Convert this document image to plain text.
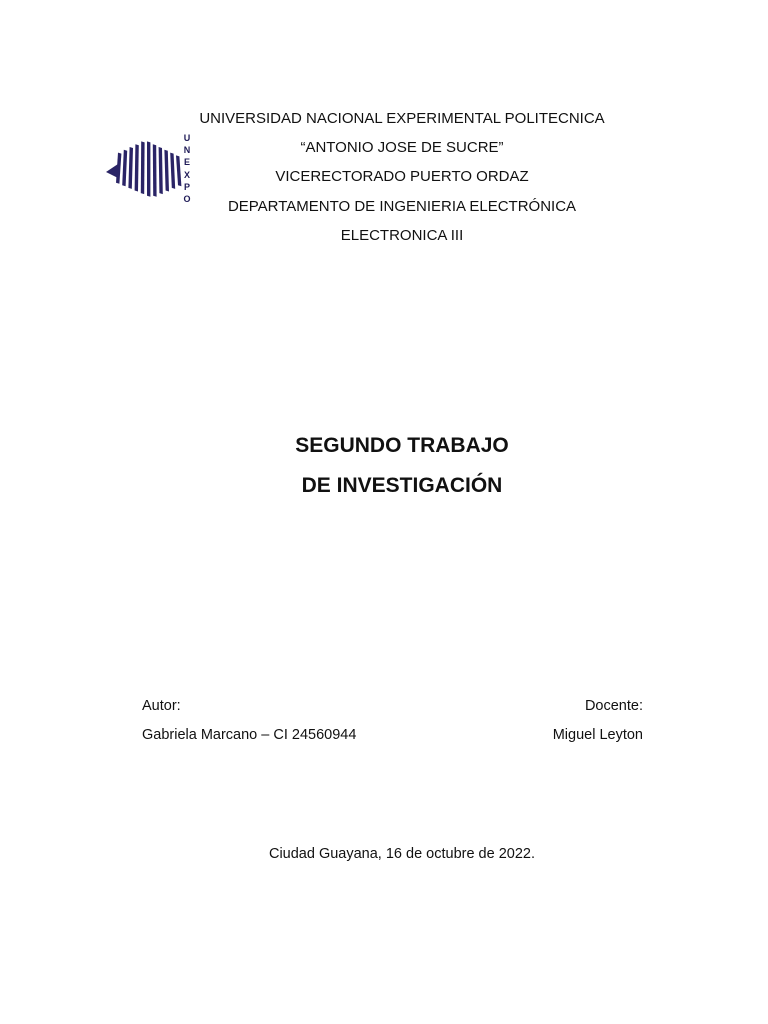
U
N
E
X
P
O
UNIVERSIDAD NACIONAL EXPERIMENTAL POLITECNICA
“ANTONIO JOSE DE SUCRE”
VICERECTORADO PUERTO ORDAZ
DEPARTAMENTO DE INGENIERIA ELECTRÓNICA
ELECTRONICA III
SEGUNDO TRABAJO
DE INVESTIGACIÓN
Autor:
Gabriela Marcano – CI 24560944
Docente:
Miguel Leyton
Ciudad Guayana, 16 de octubre de 2022.
